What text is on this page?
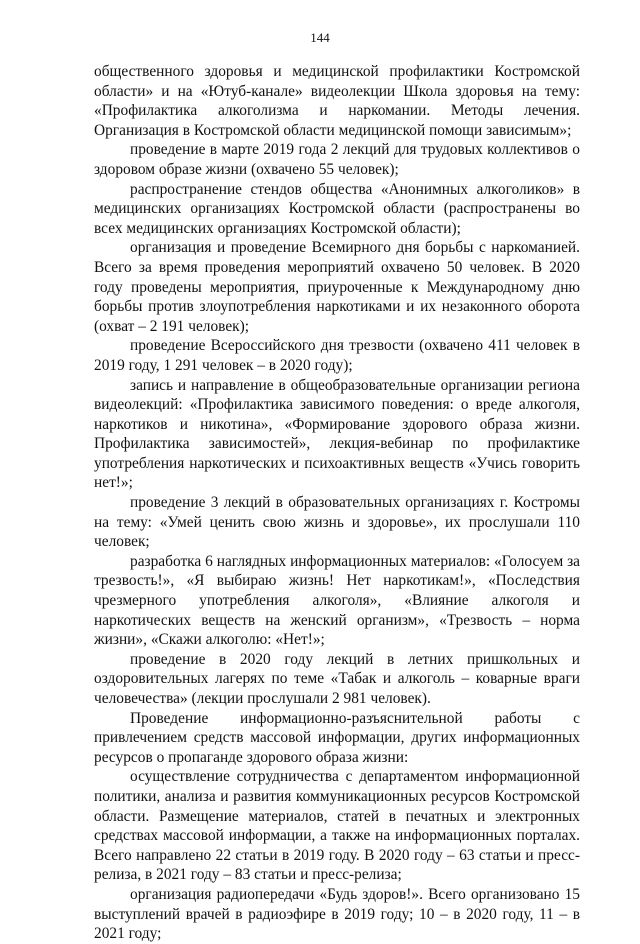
144

общественного здоровья и медицинской профилактики Костромской области» и на «Ютуб-канале» видеолекции Школа здоровья на тему: «Профилактика алкоголизма и наркомании. Методы лечения. Организация в Костромской области медицинской помощи зависимым»;

проведение в марте 2019 года 2 лекций для трудовых коллективов о здоровом образе жизни (охвачено 55 человек);

распространение стендов общества «Анонимных алкоголиков» в медицинских организациях Костромской области (распространены во всех медицинских организациях Костромской области);

организация и проведение Всемирного дня борьбы с наркоманией. Всего за время проведения мероприятий охвачено 50 человек. В 2020 году проведены мероприятия, приуроченные к Международному дню борьбы против злоупотребления наркотиками и их незаконного оборота (охват – 2 191 человек);

проведение Всероссийского дня трезвости (охвачено 411 человек в 2019 году, 1 291 человек – в 2020 году);

запись и направление в общеобразовательные организации региона видеолекций: «Профилактика зависимого поведения: о вреде алкоголя, наркотиков и никотина», «Формирование здорового образа жизни. Профилактика зависимостей», лекция-вебинар по профилактике употребления наркотических и психоактивных веществ «Учись говорить нет!»;

проведение 3 лекций в образовательных организациях г. Костромы на тему: «Умей ценить свою жизнь и здоровье», их прослушали 110 человек;

разработка 6 наглядных информационных материалов: «Голосуем за трезвость!», «Я выбираю жизнь! Нет наркотикам!», «Последствия чрезмерного употребления алкоголя», «Влияние алкоголя и наркотических веществ на женский организм», «Трезвость – норма жизни», «Скажи алкоголю: «Нет!»;

проведение в 2020 году лекций в летних пришкольных и оздоровительных лагерях по теме «Табак и алкоголь – коварные враги человечества» (лекции прослушали 2 981 человек).

Проведение информационно-разъяснительной работы с привлечением средств массовой информации, других информационных ресурсов о пропаганде здорового образа жизни:

осуществление сотрудничества с департаментом информационной политики, анализа и развития коммуникационных ресурсов Костромской области. Размещение материалов, статей в печатных и электронных средствах массовой информации, а также на информационных порталах. Всего направлено 22 статьи в 2019 году. В 2020 году – 63 статьи и пресс-релиза, в 2021 году – 83 статьи и пресс-релиза;

организация радиопередачи «Будь здоров!». Всего организовано 15 выступлений врачей в радиоэфире в 2019 году; 10 – в 2020 году, 11 – в 2021 году;
